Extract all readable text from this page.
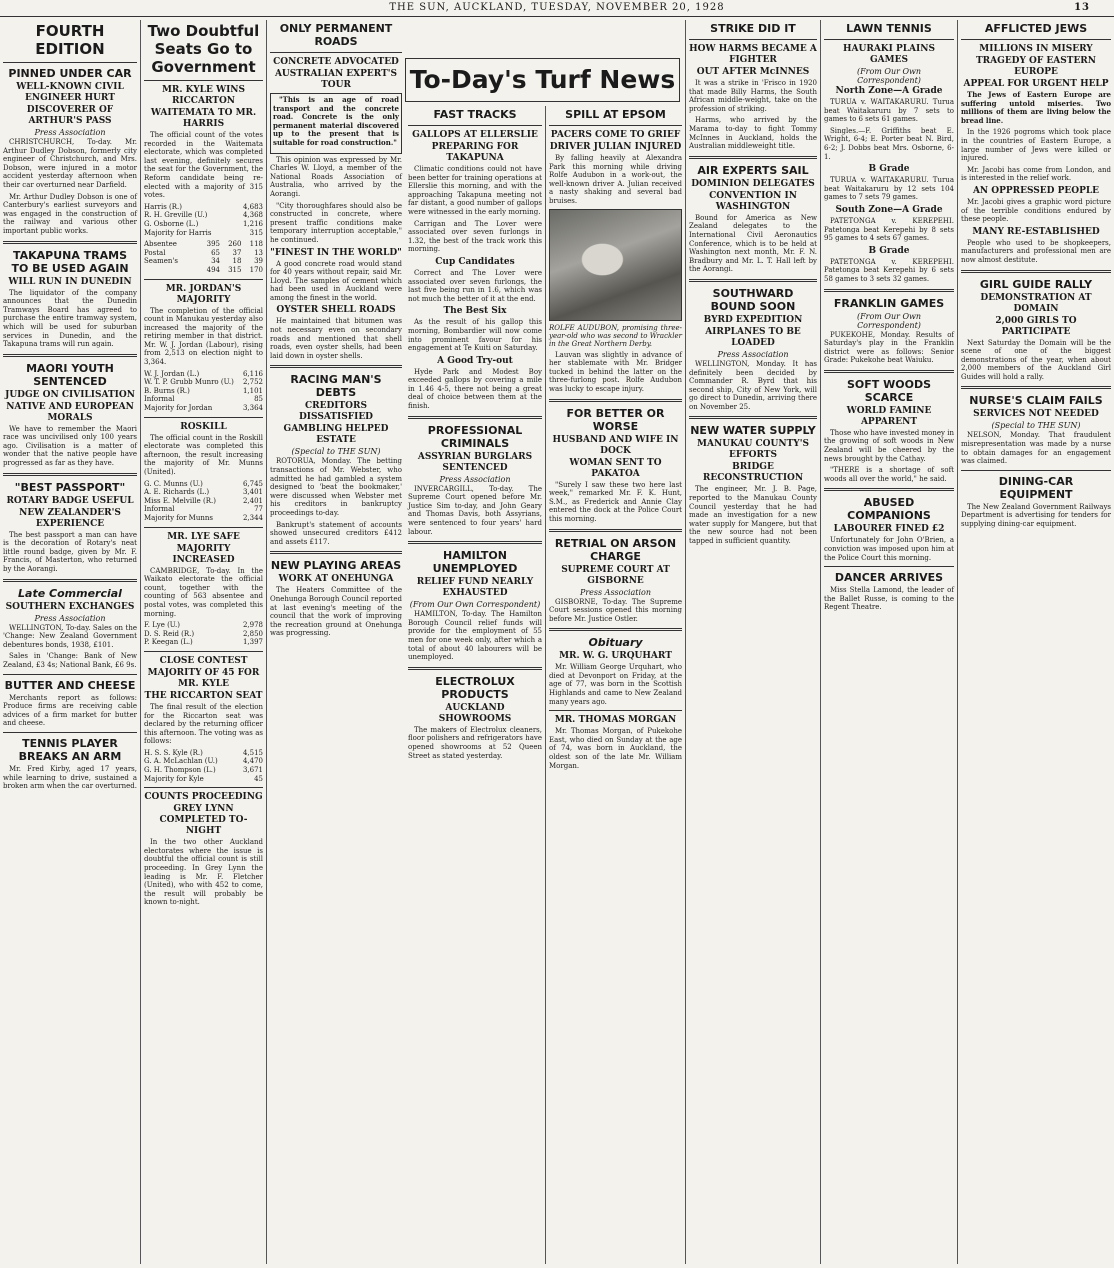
THE SUN, AUCKLAND, TUESDAY, NOVEMBER 20, 1928	13
FOURTH EDITION
PINNED UNDER CAR
WELL-KNOWN CIVIL ENGINEER HURT
DISCOVERER OF ARTHUR'S PASS
Press Association

CHRISTCHURCH, To-day. Mr. Arthur Dudley Dobson, formerly city engineer of Christchurch, and Mrs. Dobson, were injured in a motor accident yesterday afternoon when their car overturned near Darfield.

Mr. Arthur Dudley Dobson is one of Canterbury's earliest surveyors and was engaged in the construction of the railway and various other important public works.

TAKAPUNA TRAMS TO BE USED AGAIN
WILL RUN IN DUNEDIN

The liquidator of the company announces that the Dunedin Tramways Board has agreed to purchase the entire tramway system, which will be used for suburban services in Dunedin, and the Takapuna trams will run again.

MAORI YOUTH SENTENCED
JUDGE ON CIVILISATION
NATIVE AND EUROPEAN MORALS

We have to remember the Maori race was uncivilised only 100 years ago. Civilisation is a matter of wonder that the native people have progressed as far as they have.

"BEST PASSPORT"
ROTARY BADGE USEFUL
NEW ZEALANDER'S EXPERIENCE

The best passport a man can have is the decoration of Rotary's neat little round badge, given by Mr. F. Francis, of Masterton, who returned by the Aorangi.

Late Commercial
SOUTHERN EXCHANGES
Press Association

WELLINGTON, To-day. Sales on the 'Change: New Zealand Government debentures bonds, 1938, £101.

Sales in 'Change: Bank of New Zealand, £3 4s; National Bank, £6 9s.

BUTTER AND CHEESE

Merchants report as follows: Produce firms are receiving cable advices of a firm market for butter and cheese.

TENNIS PLAYER BREAKS AN ARM

Mr. Fred Kirby, aged 17 years, while learning to drive, sustained a broken arm when the car overturned.

Two Doubtful Seats Go to Government
MR. KYLE WINS RICCARTON
WAITEMATA TO MR. HARRIS

The official count of the votes recorded in the Waitemata electorate, which was completed last evening, definitely secures the seat for the Government, the Reform candidate being re-elected with a majority of 315 votes.

Harris (R.)	4,683
R. H. Greville (U.)	4,368
G. Osborne (L.)	1,216
Majority for Harris	315
Absentee	395	260	118
Postal	65	37	13
Seamen's	34	18	39
	494	315	170
MR. JORDAN'S MAJORITY

The completion of the official count in Manukau yesterday also increased the majority of the retiring member in that district. Mr. W. J. Jordan (Labour), rising from 2,513 on election night to 3,364.

W. J. Jordan (L.)	6,116
W. T. P. Grubb Munro (U.)	2,752
B. Burns (R.)	1,101
Informal	85
Majority for Jordan	3,364
ROSKILL

The official count in the Roskill electorate was completed this afternoon, the result increasing the majority of Mr. Munns (United).

G. C. Munns (U.)	6,745
A. E. Richards (L.)	3,401
Miss E. Melville (R.)	2,401
Informal	77
Majority for Munns	2,344
MR. LYE SAFE
MAJORITY INCREASED

CAMBRIDGE, To-day. In the Waikato electorate the official count, together with the counting of 563 absentee and postal votes, was completed this morning.

F. Lye (U.)	2,978
D. S. Reid (R.)	2,850
P. Keegan (L.)	1,397
CLOSE CONTEST
MAJORITY OF 45 FOR MR. KYLE
THE RICCARTON SEAT

The final result of the election for the Riccarton seat was declared by the returning officer this afternoon. The voting was as follows:

H. S. S. Kyle (R.)	4,515
G. A. McLachlan (U.)	4,470
G. H. Thompson (L.)	3,671
Majority for Kyle	45
COUNTS PROCEEDING
GREY LYNN COMPLETED TO-NIGHT

In the two other Auckland electorates where the issue is doubtful the official count is still proceeding. In Grey Lynn the leading is Mr. F. Fletcher (United), who with 452 to come, the result will probably be known to-night.

ONLY PERMANENT ROADS
CONCRETE ADVOCATED
AUSTRALIAN EXPERT'S TOUR

"This is an age of road transport and the concrete road. Concrete is the only permanent material discovered up to the present that is suitable for road construction."

This opinion was expressed by Mr. Charles W. Lloyd, a member of the National Roads Association of Australia, who arrived by the Aorangi.

"City thoroughfares should also be constructed in concrete, where present traffic conditions make temporary interruption acceptable," he continued.

"FINEST IN THE WORLD"

A good concrete road would stand for 40 years without repair, said Mr. Lloyd. The samples of cement which had been used in Auckland were among the finest in the world.

OYSTER SHELL ROADS

He maintained that bitumen was not necessary even on secondary roads and mentioned that shell roads, even oyster shells, had been laid down in oyster shells.

RACING MAN'S DEBTS
CREDITORS DISSATISFIED
GAMBLING HELPED ESTATE
(Special to THE SUN)

ROTORUA, Monday. The betting transactions of Mr. Webster, who admitted he had gambled a system designed to 'beat the bookmaker,' were discussed when Webster met his creditors in bankruptcy proceedings to-day.

Bankrupt's statement of accounts showed unsecured creditors £412 and assets £117.

NEW PLAYING AREAS
WORK AT ONEHUNGA

The Heaters Committee of the Onehunga Borough Council reported at last evening's meeting of the council that the work of improving the recreation ground at Onehunga was progressing.

To-Day's Turf News
FAST TRACKS
GALLOPS AT ELLERSLIE
PREPARING FOR TAKAPUNA

Climatic conditions could not have been better for training operations at Ellerslie this morning, and with the approaching Takapuna meeting not far distant, a good number of gallops were witnessed in the early morning.

Carrigan and The Lover were associated over seven furlongs in 1.32, the best of the track work this morning.

Cup Candidates

Correct and The Lover were associated over seven furlongs, the last five being run in 1.6, which was not much the better of it at the end.

The Best Six

As the result of his gallop this morning, Bombardier will now come into prominent favour for his engagement at Te Kuiti on Saturday.

A Good Try-out

Hyde Park and Modest Boy exceeded gallops by covering a mile in 1.46 4-5, there not being a great deal of choice between them at the finish.

PROFESSIONAL CRIMINALS
ASSYRIAN BURGLARS SENTENCED
Press Association

INVERCARGILL, To-day. The Supreme Court opened before Mr. Justice Sim to-day, and John Geary and Thomas Davis, both Assyrians, were sentenced to four years' hard labour.

HAMILTON UNEMPLOYED
RELIEF FUND NEARLY EXHAUSTED
(From Our Own Correspondent)

HAMILTON, To-day. The Hamilton Borough Council relief funds will provide for the employment of 55 men for one week only, after which a total of about 40 labourers will be unemployed.

ELECTROLUX PRODUCTS
AUCKLAND SHOWROOMS

The makers of Electrolux cleaners, floor polishers and refrigerators have opened showrooms at 52 Queen Street as stated yesterday.

SPILL AT EPSOM
PACERS COME TO GRIEF
DRIVER JULIAN INJURED

By falling heavily at Alexandra Park this morning while driving Rolfe Audubon in a work-out, the well-known driver A. Julian received a nasty shaking and several bad bruises.

ROLFE AUDUBON, promising three-year-old who was second to Wrackler in the Great Northern Derby.

Lauvan was slightly in advance of her stablemate with Mr. Bridger tucked in behind the latter on the three-furlong post. Rolfe Audubon was lucky to escape injury.

FOR BETTER OR WORSE
HUSBAND AND WIFE IN DOCK
WOMAN SENT TO PAKATOA

"Surely I saw these two here last week," remarked Mr. F. K. Hunt, S.M., as Frederick and Annie Clay entered the dock at the Police Court this morning.

RETRIAL ON ARSON CHARGE
SUPREME COURT AT GISBORNE
Press Association

GISBORNE, To-day. The Supreme Court sessions opened this morning before Mr. Justice Ostler.

Obituary
MR. W. G. URQUHART

Mr. William George Urquhart, who died at Devonport on Friday, at the age of 77, was born in the Scottish Highlands and came to New Zealand many years ago.

MR. THOMAS MORGAN

Mr. Thomas Morgan, of Pukekohe East, who died on Sunday at the age of 74, was born in Auckland, the oldest son of the late Mr. William Morgan.

STRIKE DID IT
HOW HARMS BECAME A FIGHTER
OUT AFTER McINNES

It was a strike in 'Frisco in 1920 that made Billy Harms, the South African middle-weight, take on the profession of striking.

Harms, who arrived by the Marama to-day to fight Tommy McInnes in Auckland, holds the Australian middleweight title.

AIR EXPERTS SAIL
DOMINION DELEGATES
CONVENTION IN WASHINGTON

Bound for America as New Zealand delegates to the International Civil Aeronautics Conference, which is to be held at Washington next month, Mr. F. N. Bradbury and Mr. L. T. Hall left by the Aorangi.

SOUTHWARD BOUND SOON
BYRD EXPEDITION
AIRPLANES TO BE LOADED
Press Association

WELLINGTON, Monday. It has definitely been decided by Commander R. Byrd that his second ship, City of New York, will go direct to Dunedin, arriving there on November 25.

NEW WATER SUPPLY
MANUKAU COUNTY'S EFFORTS
BRIDGE RECONSTRUCTION

The engineer, Mr. J. B. Page, reported to the Manukau County Council yesterday that he had made an investigation for a new water supply for Mangere, but that the new source had not been tapped in sufficient quantity.

LAWN TENNIS
HAURAKI PLAINS GAMES
(From Our Own Correspondent)
North Zone—A Grade

TURUA v. WAITAKARURU. Turua beat Waitakaruru by 7 sets to games to 6 sets 61 games.

Singles.—F. Griffiths beat E. Wright, 6-4; E. Porter beat N. Bird, 6-2; J. Dobbs beat Mrs. Osborne, 6-1.

B Grade

TURUA v. WAITAKARURU. Turua beat Waitakaruru by 12 sets 104 games to 7 sets 79 games.

South Zone—A Grade

PATETONGA v. KEREPEHI. Patetonga beat Kerepehi by 8 sets 95 games to 4 sets 67 games.

B Grade

PATETONGA v. KEREPEHI. Patetonga beat Kerepehi by 6 sets 58 games to 3 sets 32 games.

FRANKLIN GAMES
(From Our Own Correspondent)

PUKEKOHE, Monday. Results of Saturday's play in the Franklin district were as follows: Senior Grade: Pukekohe beat Waiuku.

SOFT WOODS SCARCE
WORLD FAMINE APPARENT

Those who have invested money in the growing of soft woods in New Zealand will be cheered by the news brought by the Cathay.

"THERE is a shortage of soft woods all over the world," he said.

ABUSED COMPANIONS
LABOURER FINED £2

Unfortunately for John O'Brien, a conviction was imposed upon him at the Police Court this morning.

DANCER ARRIVES

Miss Stella Lamond, the leader of the Ballet Russe, is coming to the Regent Theatre.

AFFLICTED JEWS
MILLIONS IN MISERY
TRAGEDY OF EASTERN EUROPE
APPEAL FOR URGENT HELP

The Jews of Eastern Europe are suffering untold miseries. Two millions of them are living below the bread line.

In the 1926 pogroms which took place in the countries of Eastern Europe, a large number of Jews were killed or injured.

Mr. Jacobi has come from London, and is interested in the relief work.

AN OPPRESSED PEOPLE

Mr. Jacobi gives a graphic word picture of the terrible conditions endured by these people.

MANY RE-ESTABLISHED

People who used to be shopkeepers, manufacturers and professional men are now almost destitute.

GIRL GUIDE RALLY
DEMONSTRATION AT DOMAIN
2,000 GIRLS TO PARTICIPATE

Next Saturday the Domain will be the scene of one of the biggest demonstrations of the year, when about 2,000 members of the Auckland Girl Guides will hold a rally.

NURSE'S CLAIM FAILS
SERVICES NOT NEEDED
(Special to THE SUN)

NELSON, Monday. That fraudulent misrepresentation was made by a nurse to obtain damages for an engagement was claimed.

DINING-CAR EQUIPMENT

The New Zealand Government Railways Department is advertising for tenders for supplying dining-car equipment.
